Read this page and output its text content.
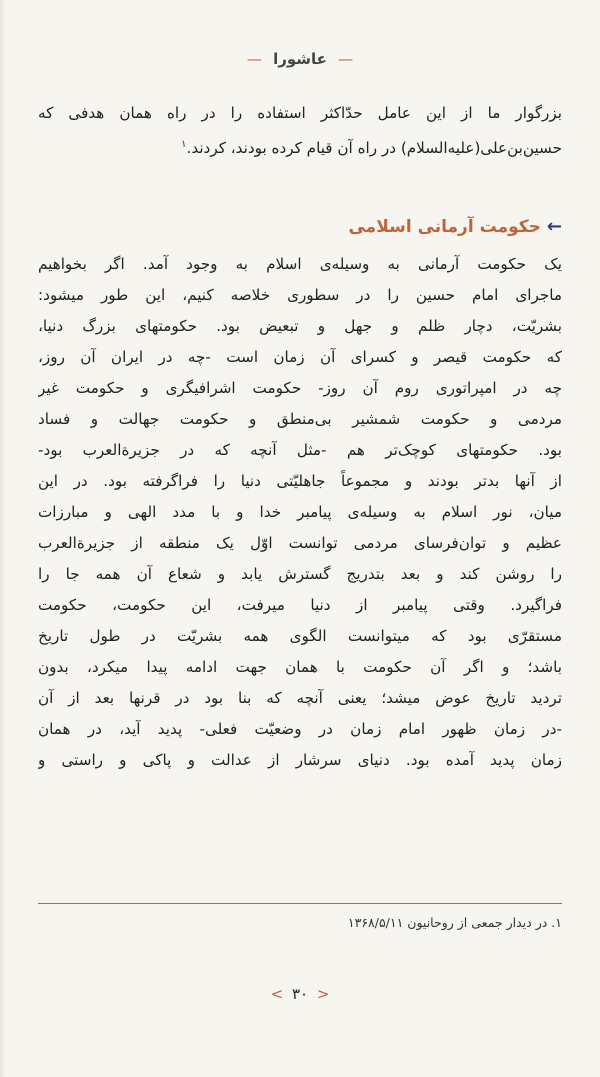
— عاشورا —
بزرگوار ما از این عامل حدّاکثر استفاده را در راه همان هدفی که
حسین‌بن‌علی(علیه‌السلام) در راه آن قیام کرده بودند، کردند.$^۱$
←
حکومت آرمانی اسلامی
یک حکومت آرمانی به وسیله‌ی اسلام به وجود آمد. اگر بخواهیم
ماجرای امام حسین را در سطوری خلاصه کنیم، این طور میشود:
بشریّت، دچار ظلم و جهل و تبعیض بود. حکومتهای بزرگ دنیا،
که حکومت قیصر و کسرای آن زمان است -چه در ایران آن روز،
چه در امپراتوری روم آن روز- حکومت اشرافیگری و حکومت غیر
مردمی و حکومت شمشیر بی‌منطق و حکومت جهالت و فساد
بود. حکومتهای کوچک‌تر هم -مثل آنچه که در جزیرةالعرب بود-
از آنها بدتر بودند و مجموعاً جاهلیّتی دنیا را فراگرفته بود. در این
میان، نور اسلام به وسیله‌ی پیامبر خدا و با مدد الهی و مبارزات
عظیم و توان‌فرسای مردمی توانست اوّل یک منطقه از جزیرةالعرب
را روشن کند و بعد بتدریج گسترش یابد و شعاع آن همه جا را
فراگیرد. وقتی پیامبر از دنیا میرفت، این حکومت، حکومت
مستقرّی بود که میتوانست الگوی همه بشریّت در طول تاریخ
باشد؛ و اگر آن حکومت با همان جهت ادامه پیدا میکرد، بدون
تردید تاریخ عوض میشد؛ یعنی آنچه که بنا بود در قرنها بعد از آن
-در زمان ظهور امام زمان در وضعیّت فعلی- پدید آید، در همان
زمان پدید آمده بود. دنیای سرشار از عدالت و پاکی و راستی و
۱. در دیدار جمعی از روحانیون ۱۳۶۸/۵/۱۱
< ۳۰ >
